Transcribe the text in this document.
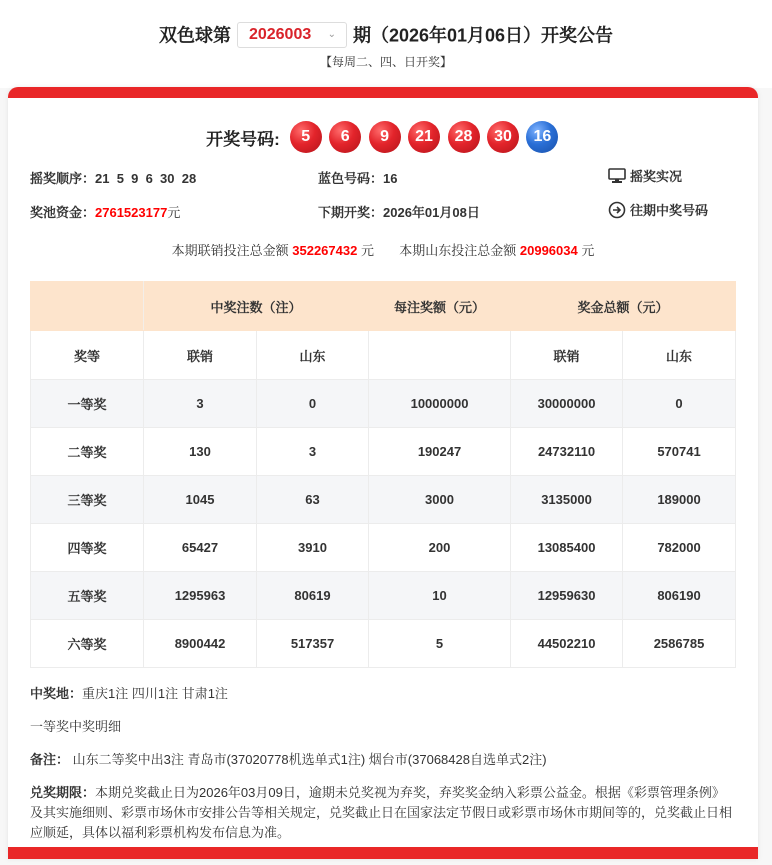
双色球第 2026003 ⌄ 期（2026年01月06日）开奖公告
【每周二、四、日开奖】
开奖号码: 5 6 9 21 28 30 16
摇奖顺序：21  5  9  6  30  28	蓝色号码：16	摇奖实况
奖池资金：2761523177元	下期开奖：2026年01月08日	往期中奖号码
本期联销投注总金额 352267432 元 本期山东投注总金额 20996034 元
	中奖注数（注）		每注奖额（元）	奖金总额（元）	
奖等	联销	山东		联销	山东
一等奖	3	0	10000000	30000000	0
二等奖	130	3	190247	24732110	570741
三等奖	1045	63	3000	3135000	189000
四等奖	65427	3910	200	13085400	782000
五等奖	1295963	80619	10	12959630	806190
六等奖	8900442	517357	5	44502210	2586785
中奖地：重庆1注 四川1注 甘肃1注
一等奖中奖明细
备注： 山东二等奖中出3注 青岛市(37020778机选单式1注) 烟台市(37068428自选单式2注)
兑奖期限：本期兑奖截止日为2026年03月09日，逾期未兑奖视为弃奖，弃奖奖金纳入彩票公益金。根据《彩票管理条例》及其实施细则、彩票市场休市安排公告等相关规定，兑奖截止日在国家法定节假日或彩票市场休市期间等的，兑奖截止日相应顺延，具体以福利彩票机构发布信息为准。
